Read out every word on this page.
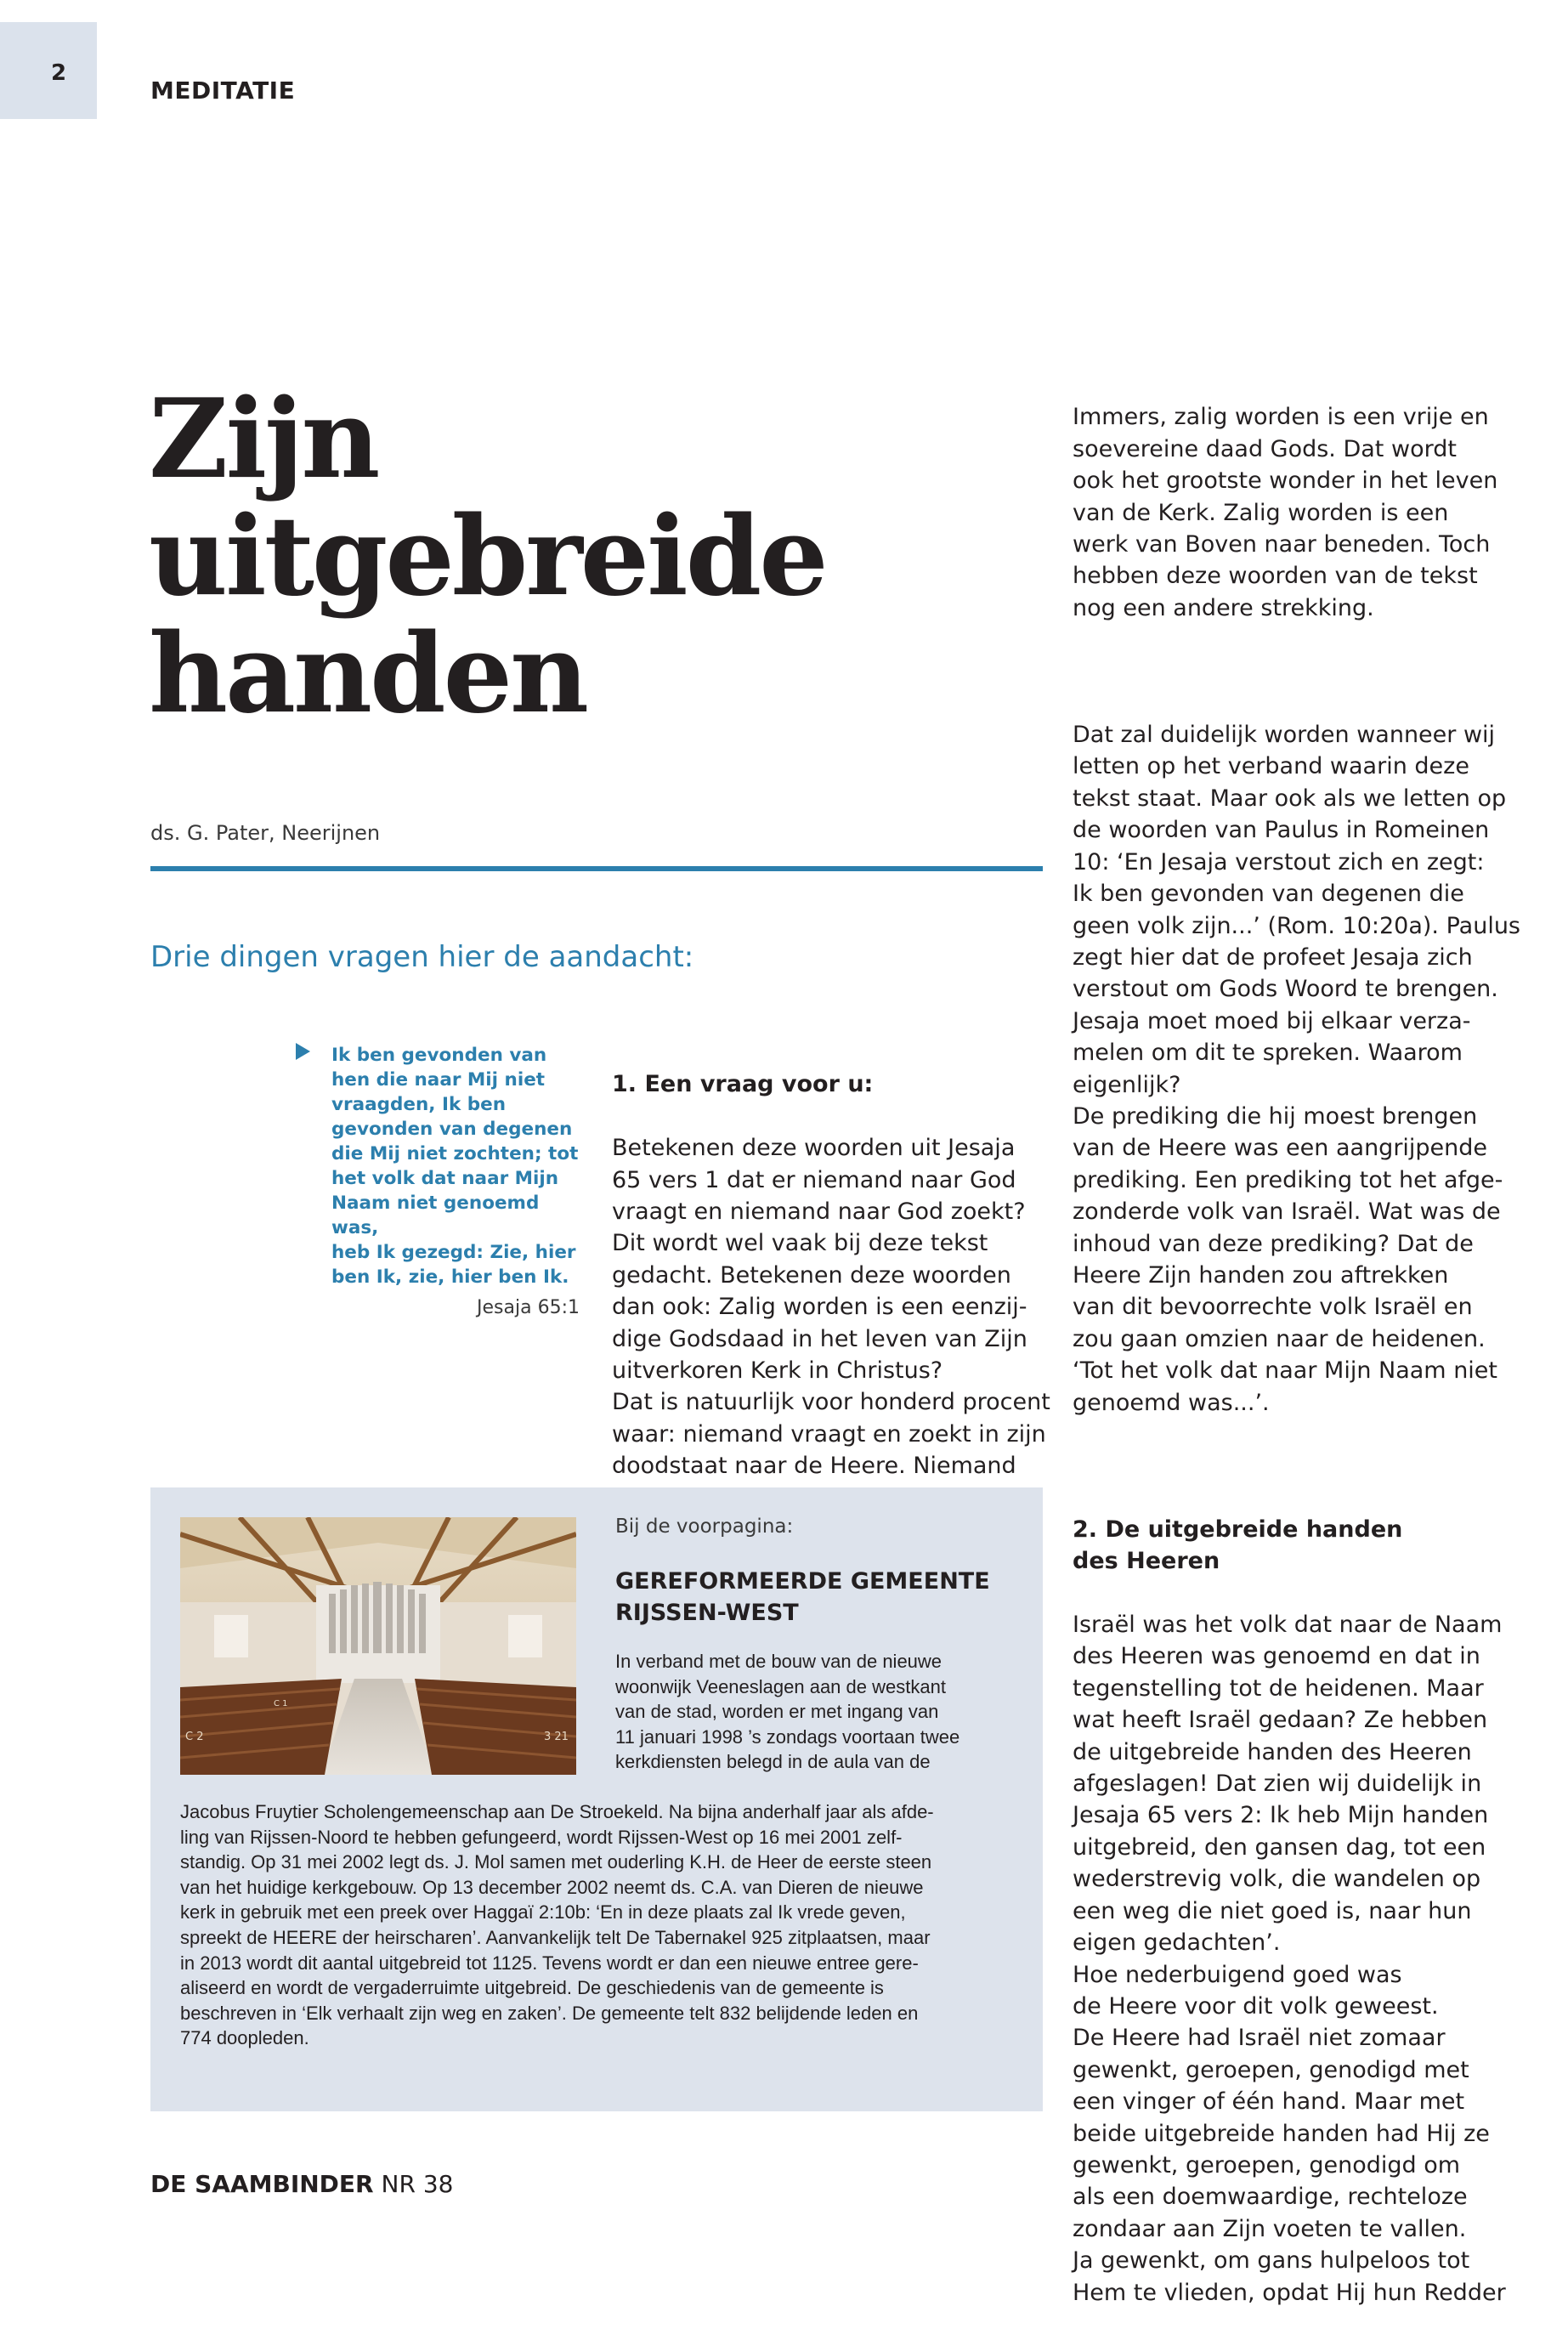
2
MEDITATIE
Zijn
uitgebreide
handen
ds. G. Pater, Neerijnen
Drie dingen vragen hier de aandacht:
Ik ben gevonden van
hen die naar Mij niet
vraagden, Ik ben
gevonden van degenen
die Mij niet zochten; tot
het volk dat naar Mijn
Naam niet genoemd was,
heb Ik gezegd: Zie, hier
ben Ik, zie, hier ben Ik.
Jesaja 65:1

1. Een vraag voor u:

Betekenen deze woorden uit Jesaja
65 vers 1 dat er niemand naar God
vraagt en niemand naar God zoekt?
Dit wordt wel vaak bij deze tekst
gedacht. Betekenen deze woorden
dan ook: Zalig worden is een eenzij-
dige Godsdaad in het leven van Zijn
uitverkoren Kerk in Christus?
Dat is natuurlijk voor honderd procent
waar: niemand vraagt en zoekt in zijn
doodstaat naar de Heere. Niemand

Immers, zalig worden is een vrije en
soevereine daad Gods. Dat wordt
ook het grootste wonder in het leven
van de Kerk. Zalig worden is een
werk van Boven naar beneden. Toch
hebben deze woorden van de tekst
nog een andere strekking.

Dat zal duidelijk worden wanneer wij
letten op het verband waarin deze
tekst staat. Maar ook als we letten op
de woorden van Paulus in Romeinen
10: ‘En Jesaja verstout zich en zegt:
Ik ben gevonden van degenen die
geen volk zijn...’ (Rom. 10:20a). Paulus
zegt hier dat de profeet Jesaja zich
verstout om Gods Woord te brengen.
Jesaja moet moed bij elkaar verza-
melen om dit te spreken. Waarom
eigenlijk?
De prediking die hij moest brengen
van de Heere was een aangrijpende
prediking. Een prediking tot het afge-
zonderde volk van Israël. Wat was de
inhoud van deze prediking? Dat de
Heere Zijn handen zou aftrekken
van dit bevoorrechte volk Israël en
zou gaan omzien naar de heidenen.
‘Tot het volk dat naar Mijn Naam niet
genoemd was...’.

2. De uitgebreide handen
des Heeren

Israël was het volk dat naar de Naam
des Heeren was genoemd en dat in
tegenstelling tot de heidenen. Maar
wat heeft Israël gedaan? Ze hebben
de uitgebreide handen des Heeren
afgeslagen! Dat zien wij duidelijk in
Jesaja 65 vers 2: Ik heb Mijn handen
uitgebreid, den gansen dag, tot een
wederstrevig volk, die wandelen op
een weg die niet goed is, naar hun
eigen gedachten’.
Hoe nederbuigend goed was
de Heere voor dit volk geweest.
De Heere had Israël niet zomaar
gewenkt, geroepen, genodigd met
een vinger of één hand. Maar met
beide uitgebreide handen had Hij ze
gewenkt, geroepen, genodigd om
als een doemwaardige, rechteloze
zondaar aan Zijn voeten te vallen.
Ja gewenkt, om gans hulpeloos tot
Hem te vlieden, opdat Hij hun Redder

C 2	3 21
C 1
Bij de voorpagina:
GEREFORMEERDE GEMEENTE
RIJSSEN-WEST
In verband met de bouw van de nieuwe
woonwijk Veeneslagen aan de westkant
van de stad, worden er met ingang van
11 januari 1998 ’s zondags voortaan twee
kerkdiensten belegd in de aula van de
Jacobus Fruytier Scholengemeenschap aan De Stroekeld. Na bijna anderhalf jaar als afde-
ling van Rijssen-Noord te hebben gefungeerd, wordt Rijssen-West op 16 mei 2001 zelf-
standig. Op 31 mei 2002 legt ds. J. Mol samen met ouderling K.H. de Heer de eerste steen
van het huidige kerkgebouw. Op 13 december 2002 neemt ds. C.A. van Dieren de nieuwe
kerk in gebruik met een preek over Haggaï 2:10b: ‘En in deze plaats zal Ik vrede geven,
spreekt de HEERE der heirscharen’. Aanvankelijk telt De Tabernakel 925 zitplaatsen, maar
in 2013 wordt dit aantal uitgebreid tot 1125. Tevens wordt er dan een nieuwe entree gere-
aliseerd en wordt de vergaderruimte uitgebreid. De geschiedenis van de gemeente is
beschreven in ‘Elk verhaalt zijn weg en zaken’. De gemeente telt 832 belijdende leden en
774 doopleden.
DE SAAMBINDER NR 38
